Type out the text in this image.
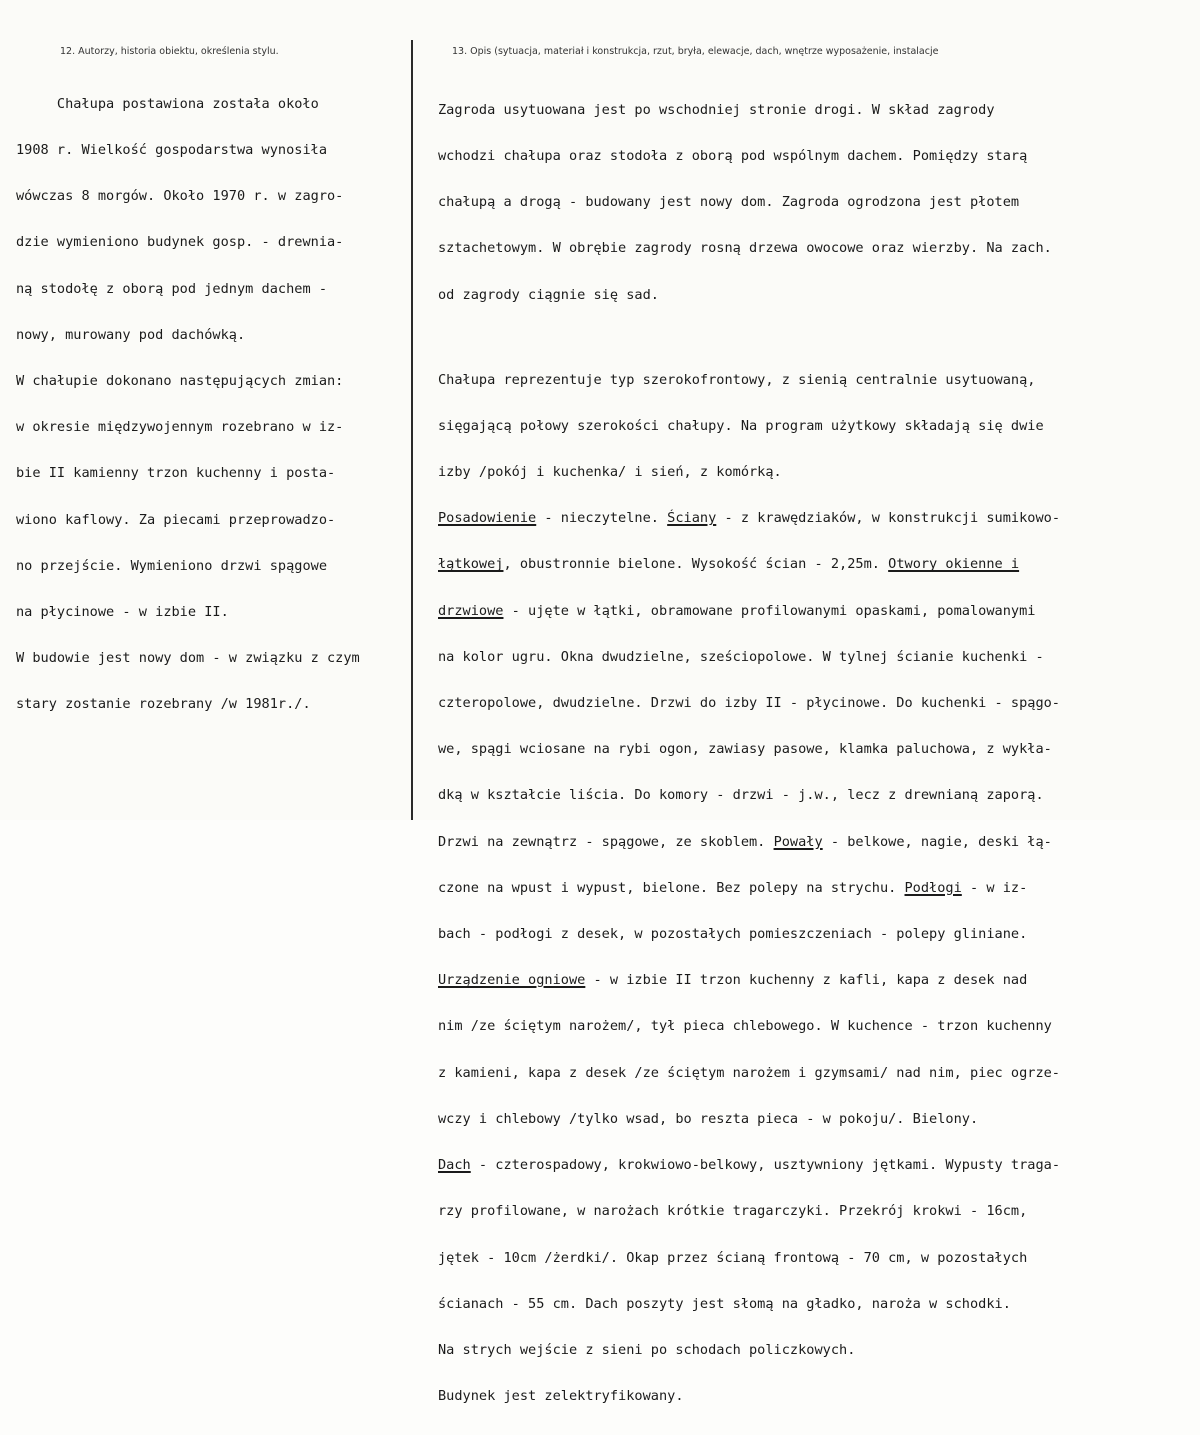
12. Autorzy, historia obiektu, określenia stylu.	13. Opis (sytuacja, materiał i konstrukcja, rzut, bryła, elewacje, dach, wnętrze wyposażenie, instalacje

Chałupa postawiona została około

1908 r. Wielkość gospodarstwa wynosiła

wówczas 8 morgów. Około 1970 r. w zagro-

dzie wymieniono budynek gosp. - drewnia-

ną stodołę z oborą pod jednym dachem -

nowy, murowany pod dachówką.

W chałupie dokonano następujących zmian:

w okresie międzywojennym rozebrano w iz-

bie II kamienny trzon kuchenny i posta-

wiono kaflowy. Za piecami przeprowadzo-

no przejście. Wymieniono drzwi spągowe

na płycinowe - w izbie II.

W budowie jest nowy dom - w związku z czym

stary zostanie rozebrany /w 1981r./.

Zagroda usytuowana jest po wschodniej stronie drogi. W skład zagrody

wchodzi chałupa oraz stodoła z oborą pod wspólnym dachem. Pomiędzy starą

chałupą a drogą - budowany jest nowy dom. Zagroda ogrodzona jest płotem

sztachetowym. W obrębie zagrody rosną drzewa owocowe oraz wierzby. Na zach.

od zagrody ciągnie się sad.

Chałupa reprezentuje typ szerokofrontowy, z sienią centralnie usytuowaną,

sięgającą połowy szerokości chałupy. Na program użytkowy składają się dwie

izby /pokój i kuchenka/ i sień, z komórką.

Posadowienie - nieczytelne. Ściany - z krawędziaków, w konstrukcji sumikowo-

łątkowej, obustronnie bielone. Wysokość ścian - 2,25m. Otwory okienne i

drzwiowe - ujęte w łątki, obramowane profilowanymi opaskami, pomalowanymi

na kolor ugru. Okna dwudzielne, sześciopolowe. W tylnej ścianie kuchenki -

czteropolowe, dwudzielne. Drzwi do izby II - płycinowe. Do kuchenki - spągo-

we, spągi wciosane na rybi ogon, zawiasy pasowe, klamka paluchowa, z wykła-

dką w kształcie liścia. Do komory - drzwi - j.w., lecz z drewnianą zaporą.

Drzwi na zewnątrz - spągowe, ze skoblem. Powały - belkowe, nagie, deski łą-

czone na wpust i wypust, bielone. Bez polepy na strychu. Podłogi - w iz-

bach - podłogi z desek, w pozostałych pomieszczeniach - polepy gliniane.

Urządzenie ogniowe - w izbie II trzon kuchenny z kafli, kapa z desek nad

nim /ze ściętym narożem/, tył pieca chlebowego. W kuchence - trzon kuchenny

z kamieni, kapa z desek /ze ściętym narożem i gzymsami/ nad nim, piec ogrze-

wczy i chlebowy /tylko wsad, bo reszta pieca - w pokoju/. Bielony.

Dach - czterospadowy, krokwiowo-belkowy, usztywniony jętkami. Wypusty traga-

rzy profilowane, w narożach krótkie tragarczyki. Przekrój krokwi - 16cm,

jętek - 10cm /żerdki/. Okap przez ścianą frontową - 70 cm, w pozostałych

ścianach - 55 cm. Dach poszyty jest słomą na gładko, naroża w schodki.

Na strych wejście z sieni po schodach policzkowych.

Budynek jest zelektryfikowany.
